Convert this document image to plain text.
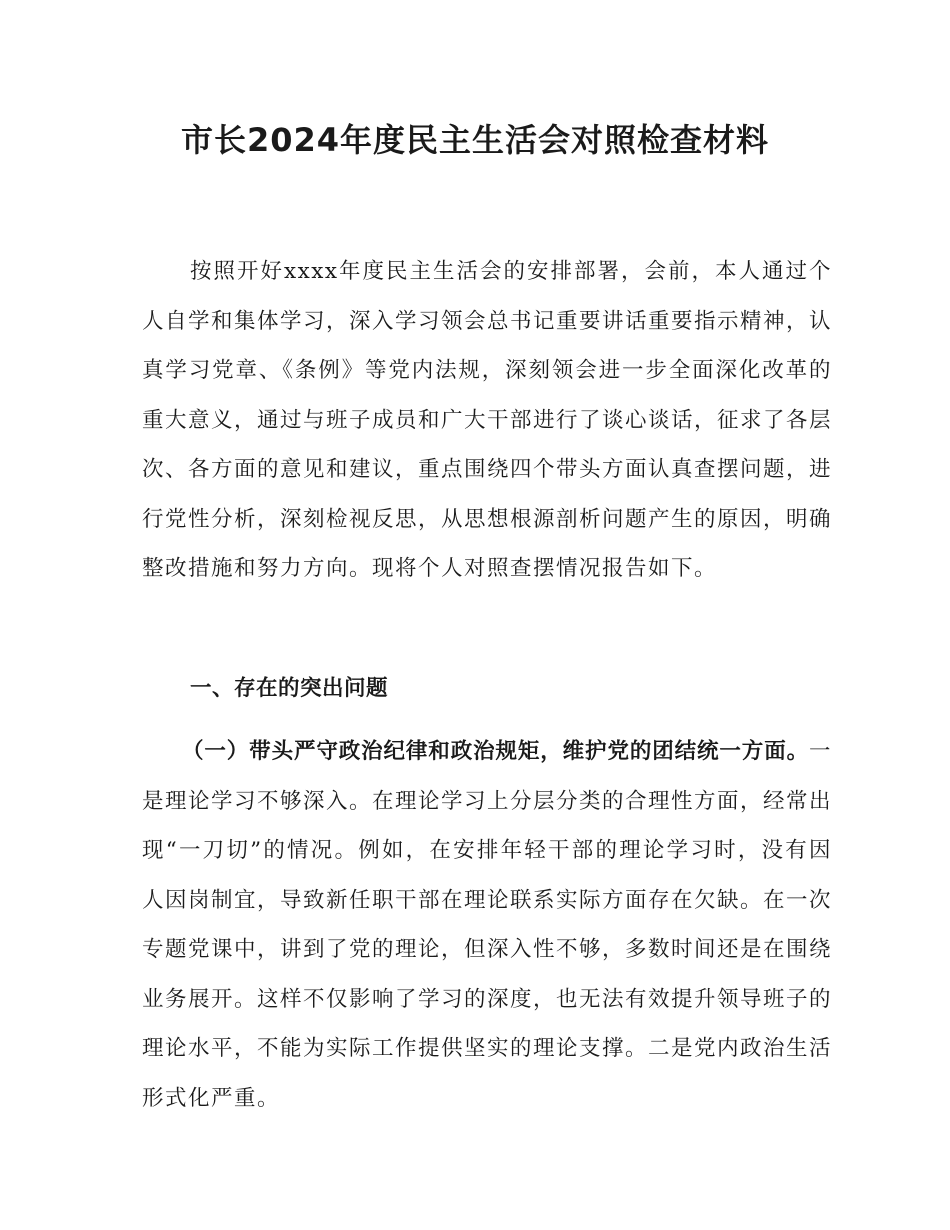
市长2024年度民主生活会对照检查材料

按照开好xxxx年度民主生活会的安排部署，会前，本人通过个人自学和集体学习，深入学习领会总书记重要讲话重要指示精神，认真学习党章、《条例》等党内法规，深刻领会进一步全面深化改革的重大意义，通过与班子成员和广大干部进行了谈心谈话，征求了各层次、各方面的意见和建议，重点围绕四个带头方面认真查摆问题，进行党性分析，深刻检视反思，从思想根源剖析问题产生的原因，明确整改措施和努力方向。现将个人对照查摆情况报告如下。

一、存在的突出问题

（一）带头严守政治纪律和政治规矩，维护党的团结统一方面。一是理论学习不够深入。在理论学习上分层分类的合理性方面，经常出现“一刀切”的情况。例如，在安排年轻干部的理论学习时，没有因人因岗制宜，导致新任职干部在理论联系实际方面存在欠缺。在一次专题党课中，讲到了党的理论，但深入性不够，多数时间还是在围绕业务展开。这样不仅影响了学习的深度，也无法有效提升领导班子的理论水平，不能为实际工作提供坚实的理论支撑。二是党内政治生活形式化严重。
